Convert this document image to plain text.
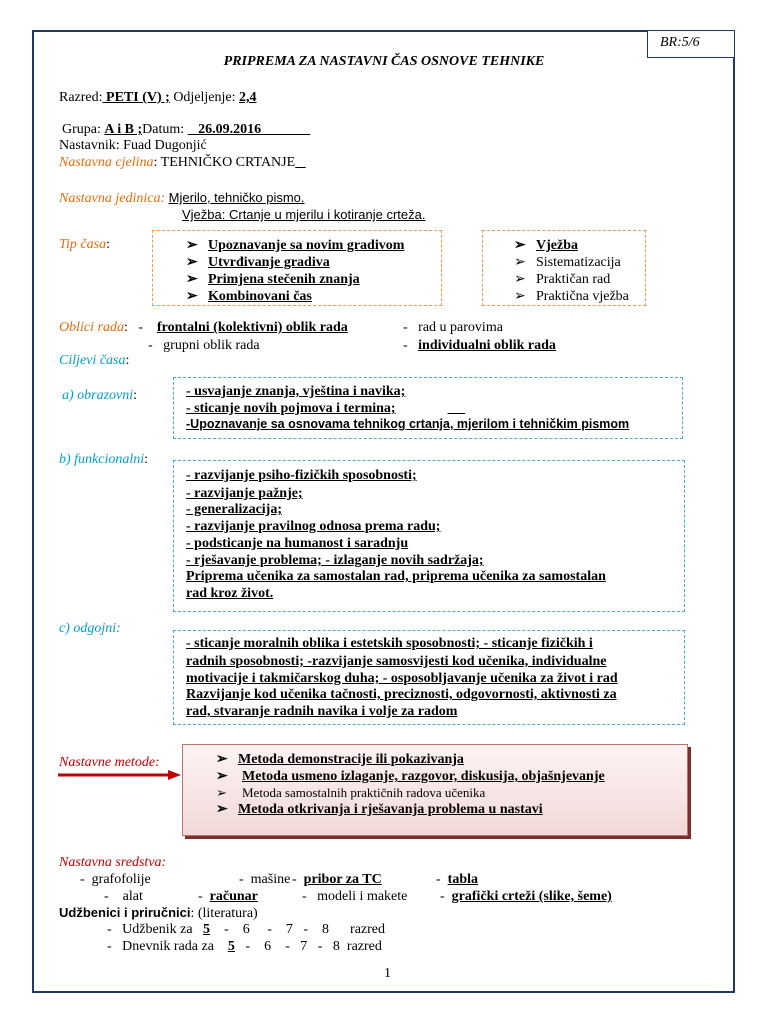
BR:5/6
PRIPREMA ZA NASTAVNI ČAS OSNOVE TEHNIKE
Razred: PETI (V) ; Odjeljenje: 2,4
Grupa: A i B ;Datum:    26.09.2016
Nastavnik: Fuad Dugonjić
Nastavna cjelina: TEHNIČKO CRTANJE
Nastavna jedinica: Mjerilo, tehničko pismo.
Vježba: Crtanje u mjerilu i kotiranje crteža.
Tip časa:	➢ Upoznavanje sa novim gradivom
➢ Utvrđivanje gradiva
➢ Primjena stečenih znanja
➢ Kombinovani čas
➢ Vježba
➢ Sistematizacija
➢ Praktičan rad
➢ Praktična vježba
Oblici rada:   -    frontalni (kolektivni) oblik rada	-   rad u parovima
-   grupni oblik rada	-   individualni oblik rada
Ciljevi časa:
a) obrazovni:	- usvajanje znanja, vještina i navika;
- sticanje novih pojmova i termina;
-Upoznavanje sa osnovama tehnikog crtanja, mjerilom i tehničkim pismom
b) funkcionalni:
- razvijanje psiho-fizičkih sposobnosti;
- razvijanje pažnje;
- generalizacija;
- razvijanje pravilnog odnosa prema radu;
- podsticanje na humanost i saradnju
- rješavanje problema; - izlaganje novih sadržaja;
Priprema učenika za samostalan rad, priprema učenika za samostalan
rad kroz život.
c) odgojni:
- sticanje moralnih oblika i estetskih sposobnosti; - sticanje fizičkih i
radnih sposobnosti; -razvijanje samosvijesti kod učenika, individualne
motivacije i takmičarskog duha; - osposobljavanje učenika za život i rad
Razvijanje kod učenika tačnosti, preciznosti, odgovornosti, aktivnosti za
rad, stvaranje radnih navika i volje za radom
Nastavne metode:	➢ Metoda demonstracije ili pokazivanja
➢ Metoda usmeno izlaganje, razgovor, diskusija, objašnjevanje
➢ Metoda samostalnih praktičnih radova učenika
➢ Metoda otkrivanja i rješavanja problema u nastavi
Nastavna sredstva:
-  grafofolije	-  mašine -  pribor za TC	-  tabla
-    alat	-  računar	-   modeli i makete -  grafički crteži (slike, šeme)
Udžbenici i priručnici: (literatura)
-   Udžbenik za 5    -    6     -    7   -    8 razred
-   Dnevnik rada za 5   -    6    -   7   -   8 razred
1
